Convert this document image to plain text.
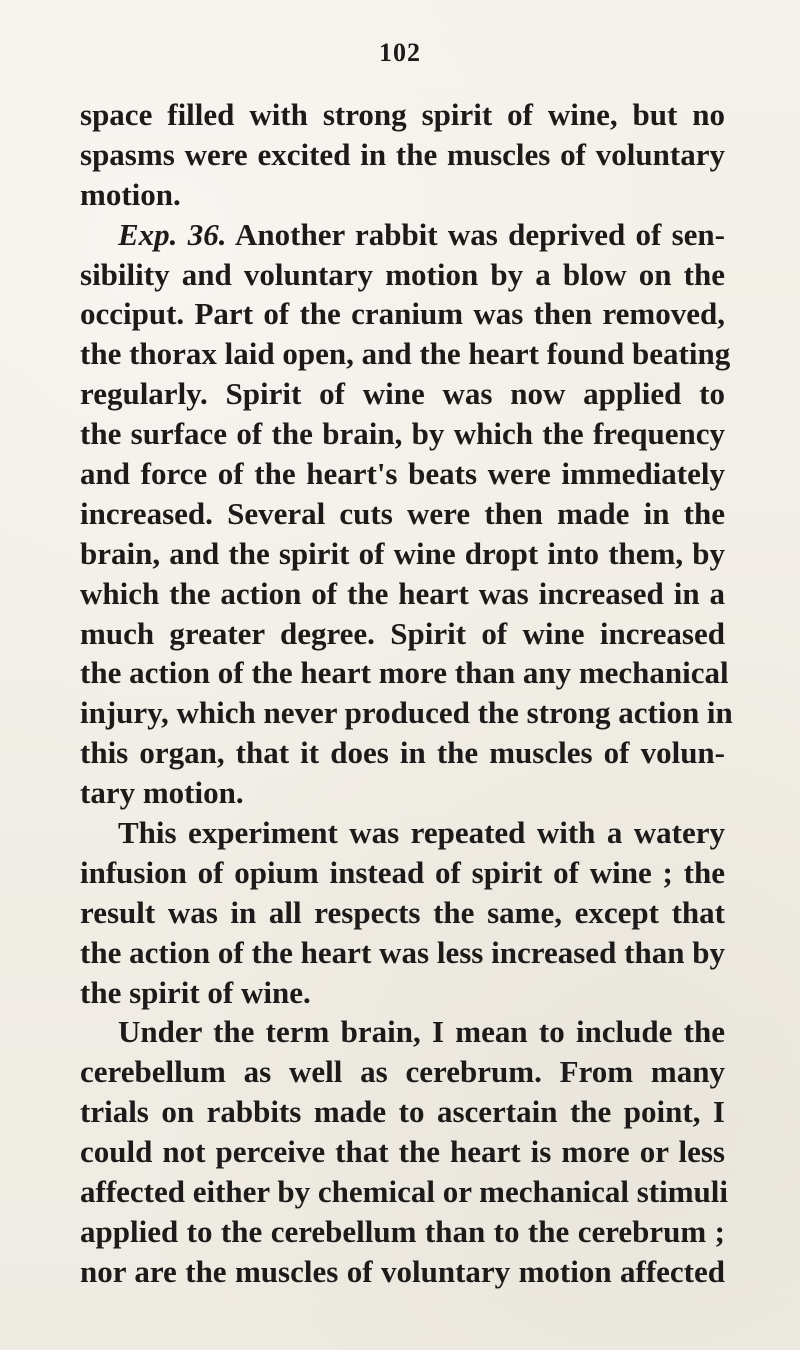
102
space filled with strong spirit of wine, but no
spasms were excited in the muscles of voluntary
motion.
Exp. 36. Another rabbit was deprived of sen-
sibility and voluntary motion by a blow on the
occiput. Part of the cranium was then removed,
the thorax laid open, and the heart found beating
regularly. Spirit of wine was now applied to
the surface of the brain, by which the frequency
and force of the heart's beats were immediately
increased. Several cuts were then made in the
brain, and the spirit of wine dropt into them, by
which the action of the heart was increased in a
much greater degree. Spirit of wine increased
the action of the heart more than any mechanical
injury, which never produced the strong action in
this organ, that it does in the muscles of volun-
tary motion.
This experiment was repeated with a watery
infusion of opium instead of spirit of wine ; the
result was in all respects the same, except that
the action of the heart was less increased than by
the spirit of wine.
Under the term brain, I mean to include the
cerebellum as well as cerebrum. From many
trials on rabbits made to ascertain the point, I
could not perceive that the heart is more or less
affected either by chemical or mechanical stimuli
applied to the cerebellum than to the cerebrum ;
nor are the muscles of voluntary motion affected
